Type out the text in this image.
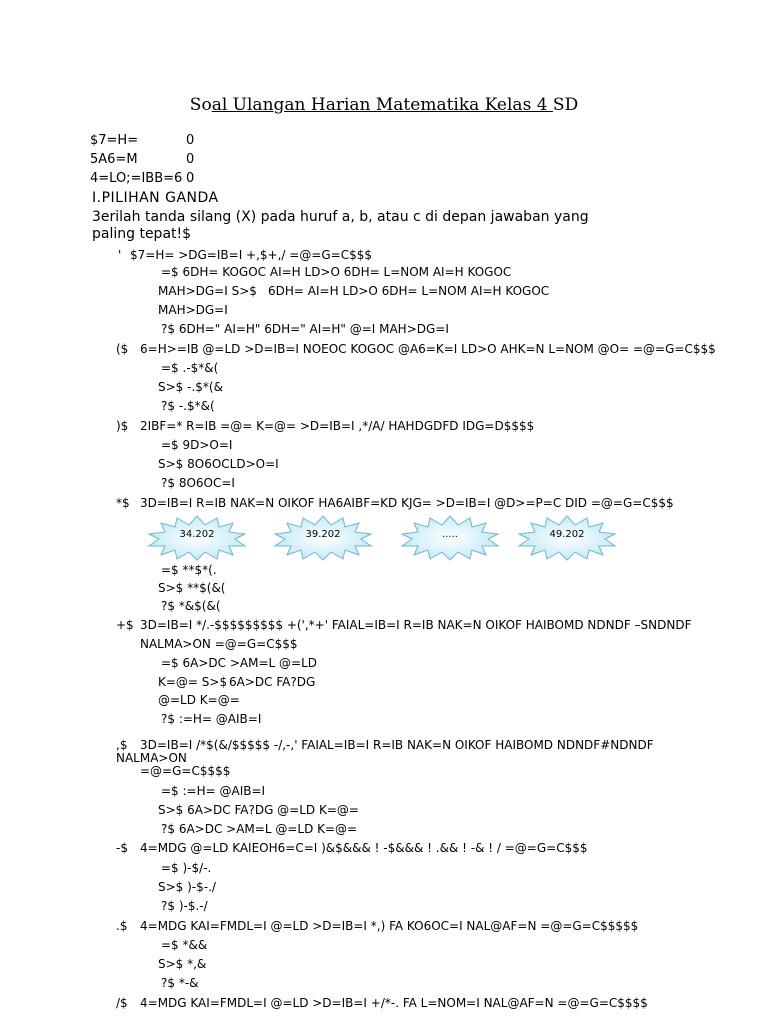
Soal Ulangan Harian Matematika Kelas 4 SD
$7=H=	0
5A6=M	0
4=LO;=IBB=6 0
I.PILIHAN GANDA
3erilah tanda silang (X) pada huruf a, b, atau c di depan jawaban yang
paling tepat!$
' $7=H= >DG=IB=I +,$+,/ =@=G=C$$$
=$ 6DH= KOGOC AI=H LD>O 6DH= L=NOM AI=H KOGOC
MAH>DG=I S>$ 6DH= AI=H LD>O 6DH= L=NOM AI=H KOGOC
MAH>DG=I
?$ 6DH=" AI=H" 6DH=" AI=H" @=I MAH>DG=I
($ 6=H>=IB @=LD >D=IB=I NOEOC KOGOC @A6=K=I LD>O AHK=N L=NOM @O= =@=G=C$$$
=$ .-$*&(
S>$ -.$*(&
?$ -.$*&(
)$ 2IBF=* R=IB =@= K=@= >D=IB=I ,*/A/ HAHDGDFD IDG=D$$$$
=$ 9D>O=I
S>$ 8O6OCLD>O=I
?$ 8O6OC=I
*$ 3D=IB=I R=IB NAK=N OIKOF HA6AIBF=KD KJG= >D=IB=I @D>=P=C DID =@=G=C$$$
34.202	39.202	.....	49.202
=$ **$*(.
S>$ **$(&(
?$ *&$(&(
+$ 3D=IB=I */.-$$$$$$$$$ +(',*+' FAIAL=IB=I R=IB NAK=N OIKOF HAIBOMD NDNDF –SNDNDF
NALMA>ON =@=G=C$$$
=$ 6A>DC >AM=L @=LD
K=@= S>$ 6A>DC FA?DG
@=LD K=@=
?$ :=H= @AIB=I
,$ 3D=IB=I /*$(&/$$$$$ -/,-,' FAIAL=IB=I R=IB NAK=N OIKOF HAIBOMD NDNDF#NDNDF
NALMA>ON
=@=G=C$$$$
=$ :=H= @AIB=I
S>$ 6A>DC FA?DG @=LD K=@=
?$ 6A>DC >AM=L @=LD K=@=
-$ 4=MDG @=LD KAIEOH6=C=I )&$&&& ! -$&&& ! .&& ! -& ! / =@=G=C$$$
=$ )-$/-.
S>$ )-$-./
?$ )-$.-/
.$ 4=MDG KAI=FMDL=I @=LD >D=IB=I *,) FA KO6OC=I NAL@AF=N =@=G=C$$$$$
=$ *&&
S>$ *,&
?$ *-&
/$ 4=MDG KAI=FMDL=I @=LD >D=IB=I +/*-. FA L=NOM=I NAL@AF=N =@=G=C$$$$
